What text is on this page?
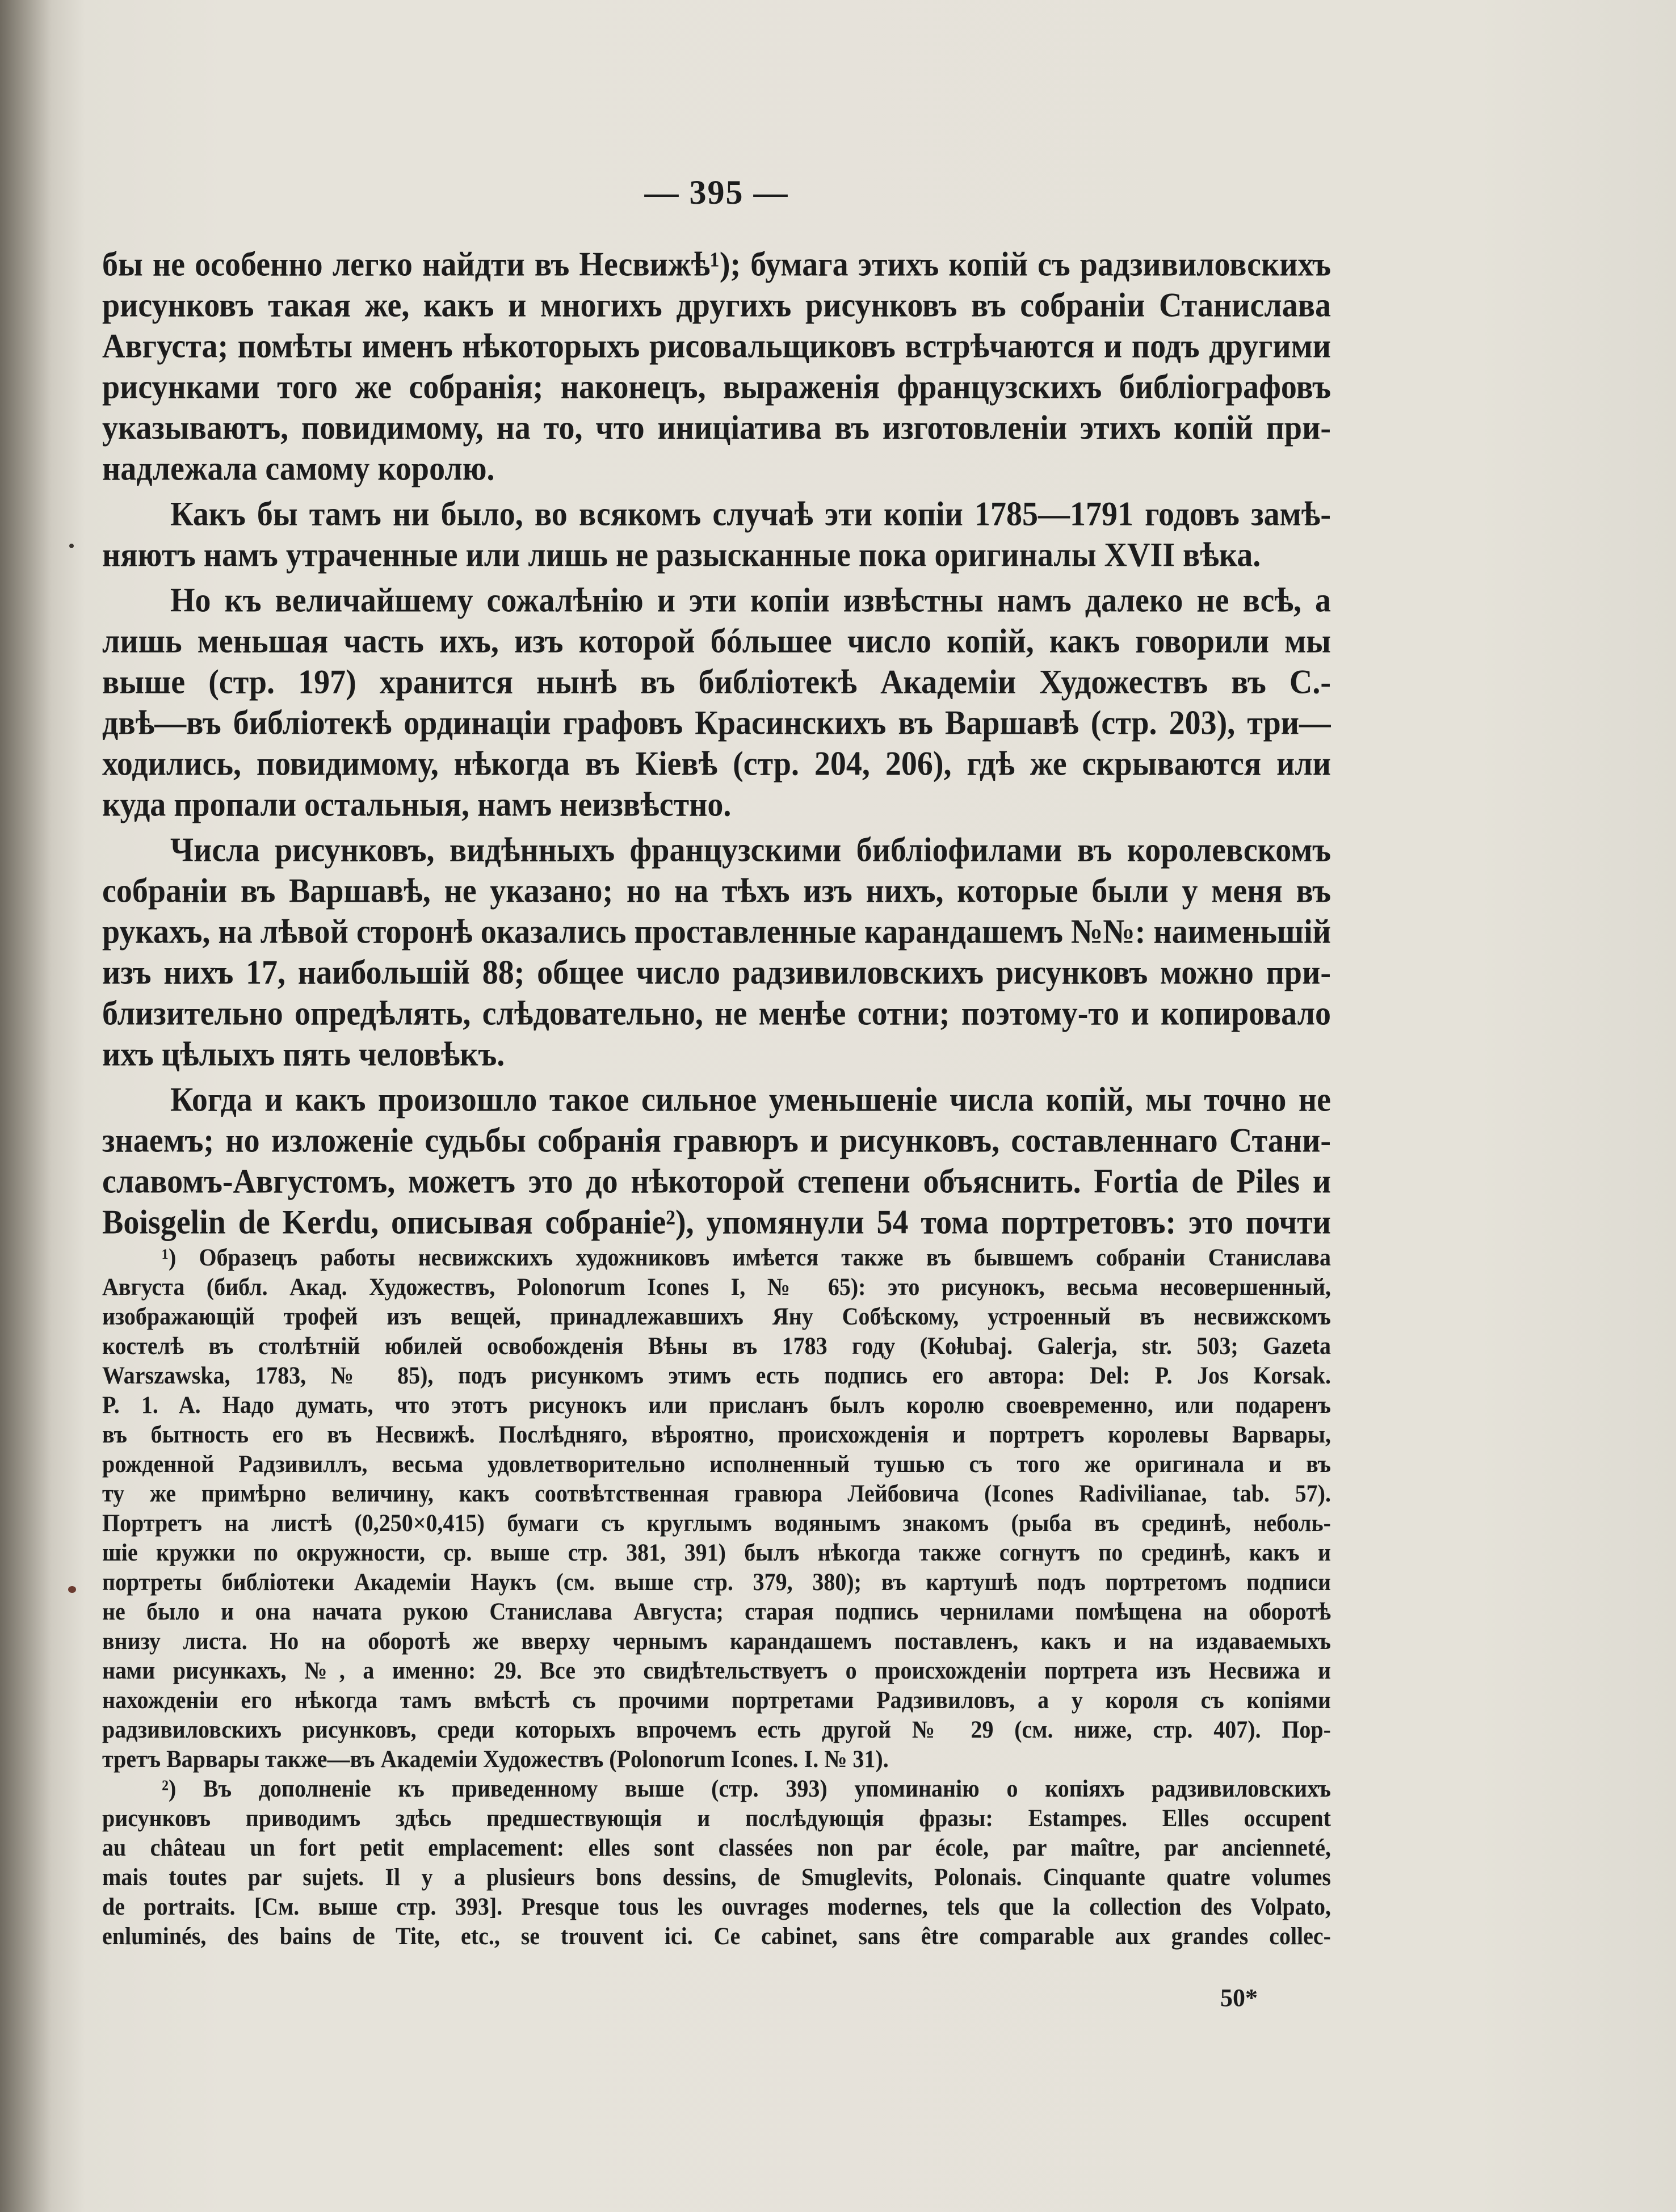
— 395 —
бы не особенно легко найдти въ Несвижѣ¹); бумага этихъ копій съ радзивиловскихъ
рисунковъ такая же, какъ и многихъ другихъ рисунковъ въ собраніи Станислава
Августа; помѣты именъ нѣкоторыхъ рисовальщиковъ встрѣчаются и подъ другими
рисунками того же собранія; наконецъ, выраженія французскихъ библіографовъ
указываютъ, повидимому, на то, что иниціатива въ изготовленіи этихъ копій при-
надлежала самому королю.
Какъ бы тамъ ни было, во всякомъ случаѣ эти копіи 1785—1791 годовъ замѣ-
няютъ намъ утраченные или лишь не разысканные пока оригиналы XVII вѣка.
Но къ величайшему сожалѣнію и эти копіи извѣстны намъ далеко не всѣ, а
лишь меньшая часть ихъ, изъ которой бóльшее число копій, какъ говорили мы
выше (стр. 197) хранится нынѣ въ библіотекѣ Академіи Художествъ въ С.-
двѣ—въ библіотекѣ ординаціи графовъ Красинскихъ въ Варшавѣ (стр. 203), три—
ходились, повидимому, нѣкогда въ Кіевѣ (стр. 204, 206), гдѣ же скрываются или
куда пропали остальныя, намъ неизвѣстно.
Числа рисунковъ, видѣнныхъ французскими библіофилами въ королевскомъ
собраніи въ Варшавѣ, не указано; но на тѣхъ изъ нихъ, которые были у меня въ
рукахъ, на лѣвой сторонѣ оказались проставленные карандашемъ №№: наименьшій
изъ нихъ 17, наибольшій 88; общее число радзивиловскихъ рисунковъ можно при-
близительно опредѣлять, слѣдовательно, не менѣе сотни; поэтому-то и копировало
ихъ цѣлыхъ пять человѣкъ.
Когда и какъ произошло такое сильное уменьшеніе числа копій, мы точно не
знаемъ; но изложеніе судьбы собранія гравюръ и рисунковъ, составленнаго Стани-
славомъ-Августомъ, можетъ это до нѣкоторой степени объяснить. Fortia de Piles и
Boisgelin de Kerdu, описывая собраніе²), упомянули 54 тома портретовъ: это почти
¹) Образецъ работы несвижскихъ художниковъ имѣется также въ бывшемъ собраніи Станислава
Августа (библ. Акад. Художествъ, Polonorum Icones I, № 65): это рисунокъ, весьма несовершенный,
изображающій трофей изъ вещей, принадлежавшихъ Яну Собѣскому, устроенный въ несвижскомъ
костелѣ въ столѣтній юбилей освобожденія Вѣны въ 1783 году (Kołubaj. Galerja, str. 503; Gazeta
Warszawska, 1783, № 85), подъ рисункомъ этимъ есть подпись его автора: Del: P. Jos Korsak.
P. 1. A. Надо думать, что этотъ рисунокъ или присланъ былъ королю своевременно, или подаренъ
въ бытность его въ Несвижѣ. Послѣдняго, вѣроятно, происхожденія и портретъ королевы Варвары,
рожденной Радзивиллъ, весьма удовлетворительно исполненный тушью съ того же оригинала и въ
ту же примѣрно величину, какъ соотвѣтственная гравюра Лейбовича (Icones Radivilianae, tab. 57).
Портретъ на листѣ (0,250×0,415) бумаги съ круглымъ водянымъ знакомъ (рыба въ срединѣ, неболь-
шіе кружки по окружности, ср. выше стр. 381, 391) былъ нѣкогда также согнутъ по срединѣ, какъ и
портреты библіотеки Академіи Наукъ (см. выше стр. 379, 380); въ картушѣ подъ портретомъ подписи
не было и она начата рукою Станислава Августа; старая подпись чернилами помѣщена на оборотѣ
внизу листа. Но на оборотѣ же вверху чернымъ карандашемъ поставленъ, какъ и на издаваемыхъ
нами рисункахъ, №, а именно: 29. Все это свидѣтельствуетъ о происхожденіи портрета изъ Несвижа и
нахожденіи его нѣкогда тамъ вмѣстѣ съ прочими портретами Радзивиловъ, а у короля съ копіями
радзивиловскихъ рисунковъ, среди которыхъ впрочемъ есть другой № 29 (см. ниже, стр. 407). Пор-
третъ Варвары также—въ Академіи Художествъ (Polonorum Icones. I. № 31).
²) Въ дополненіе къ приведенному выше (стр. 393) упоминанію о копіяхъ радзивиловскихъ
рисунковъ приводимъ здѣсь предшествующія и послѣдующія фразы: Estampes. Elles occupent
au château un fort petit emplacement: elles sont classées non par école, par maître, par ancienneté,
mais toutes par sujets. Il y a plusieurs bons dessins, de Smuglevits, Polonais. Cinquante quatre volumes
de portraits. [См. выше стр. 393]. Presque tous les ouvrages modernes, tels que la collection des Volpato,
enluminés, des bains de Tite, etc., se trouvent ici. Ce cabinet, sans être comparable aux grandes collec-
50*
